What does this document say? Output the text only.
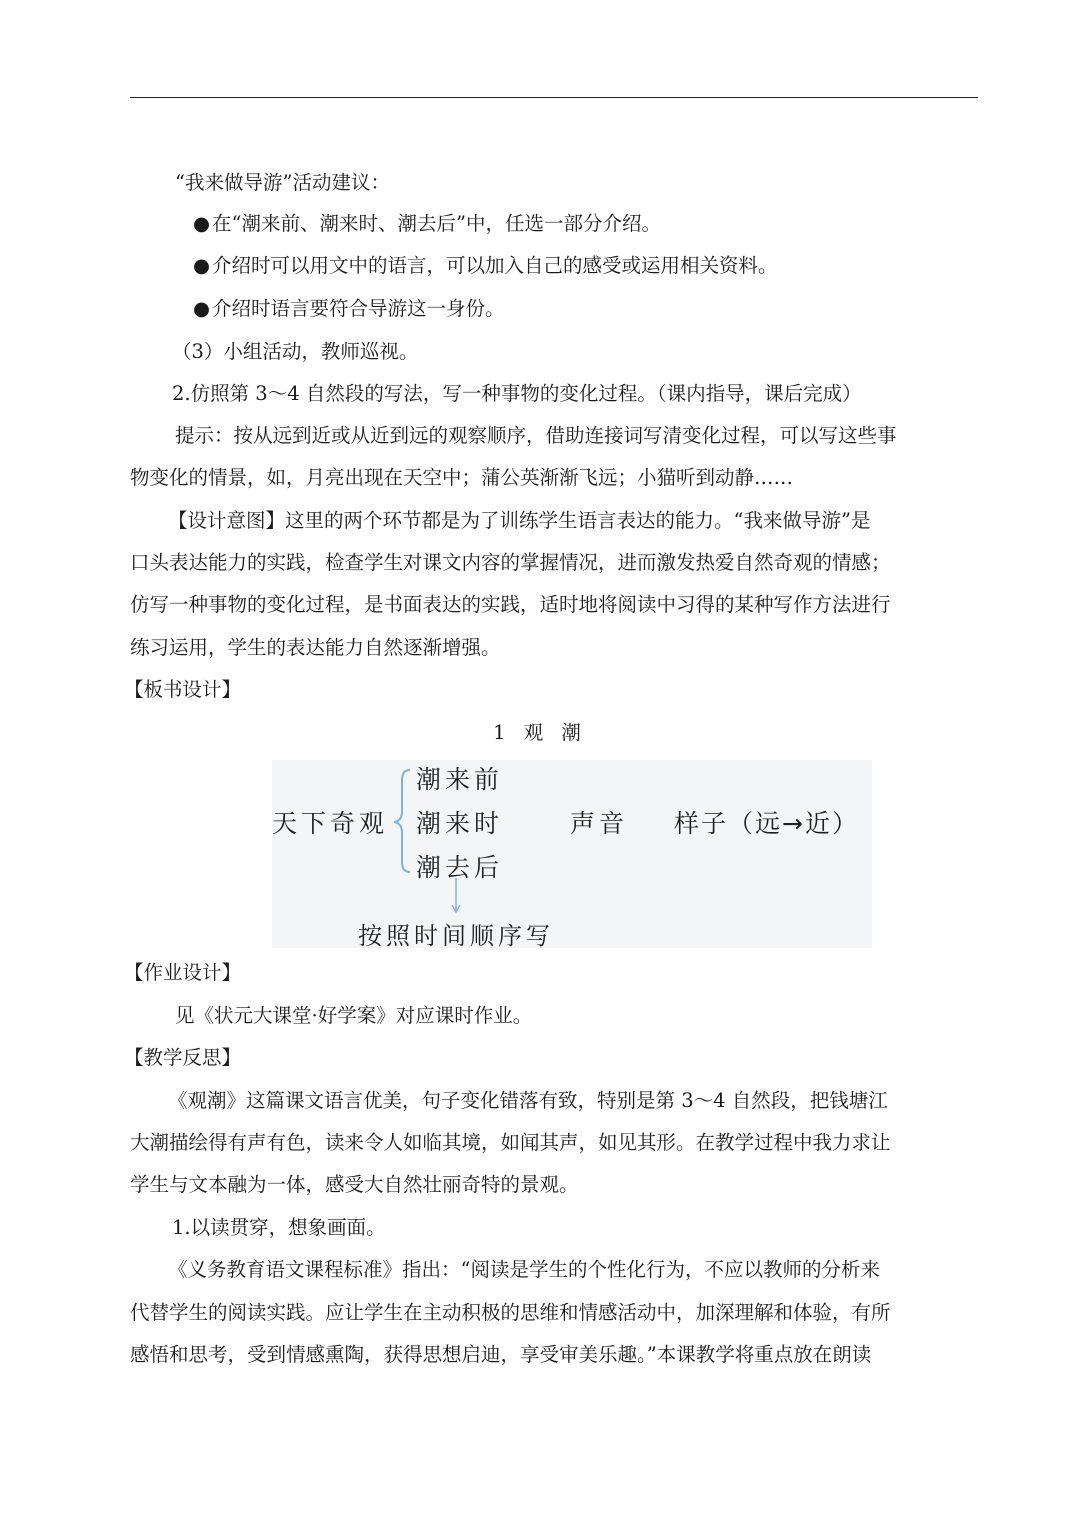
“我来做导游”活动建议：
● 在“潮来前、潮来时、潮去后”中，任选一部分介绍。
● 介绍时可以用文中的语言，可以加入自己的感受或运用相关资料。
● 介绍时语言要符合导游这一身份。
（3）小组活动，教师巡视。
2.仿照第 3～4 自然段的写法，写一种事物的变化过程。（课内指导，课后完成）
提示：按从远到近或从近到远的观察顺序，借助连接词写清变化过程，可以写这些事
物变化的情景，如，月亮出现在天空中；蒲公英渐渐飞远；小猫听到动静……
【设计意图】这里的两个环节都是为了训练学生语言表达的能力。“我来做导游”是
口头表达能力的实践，检查学生对课文内容的掌握情况，进而激发热爱自然奇观的情感；
仿写一种事物的变化过程，是书面表达的实践，适时地将阅读中习得的某种写作方法进行
练习运用，学生的表达能力自然逐渐增强。
【板书设计】
1 观 潮
天下奇观
潮来前
潮来时
潮去后
声音 样子（远→近）
按照时间顺序写
【作业设计】
见《状元大课堂·好学案》对应课时作业。
【教学反思】
《观潮》这篇课文语言优美，句子变化错落有致，特别是第 3～4 自然段，把钱塘江
大潮描绘得有声有色，读来令人如临其境，如闻其声，如见其形。在教学过程中我力求让
学生与文本融为一体，感受大自然壮丽奇特的景观。
1.以读贯穿，想象画面。
《义务教育语文课程标准》指出：“阅读是学生的个性化行为，不应以教师的分析来
代替学生的阅读实践。应让学生在主动积极的思维和情感活动中，加深理解和体验，有所
感悟和思考，受到情感熏陶，获得思想启迪，享受审美乐趣。”本课教学将重点放在朗读
